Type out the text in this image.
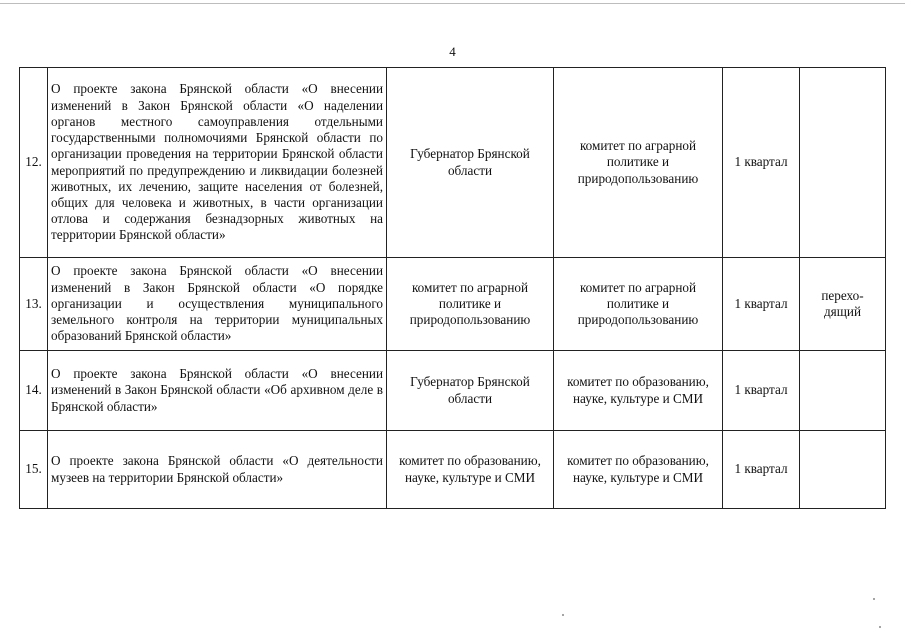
4
12.	О проекте закона Брянской области «О внесении изменений в Закон Брянской области «О наделении органов местного самоуправления отдельными государственными полномочиями Брянской области по организации проведения на территории Брянской области мероприятий по предупреждению и ликвидации болезней животных, их лечению, защите населения от болезней, общих для человека и животных, в части организации отлова и содержания безнадзорных животных на территории Брянской области»	Губернатор Брянской области	комитет по аграрной политике и природопользованию	1 квартал	
13.	О проекте закона Брянской области «О внесении изменений в Закон Брянской области «О порядке организации и осуществления муниципального земельного контроля на территории муниципальных образований Брянской области»	комитет по аграрной политике и природопользованию	комитет по аграрной политике и природопользованию	1 квартал	перехо-дящий
14.	О проекте закона Брянской области «О внесении изменений в Закон Брянской области «Об архивном деле в Брянской области»	Губернатор Брянской области	комитет по образованию, науке, культуре и СМИ	1 квартал	
15.	О проекте закона Брянской области «О деятельности музеев на территории Брянской области»	комитет по образованию, науке, культуре и СМИ	комитет по образованию, науке, культуре и СМИ	1 квартал	
